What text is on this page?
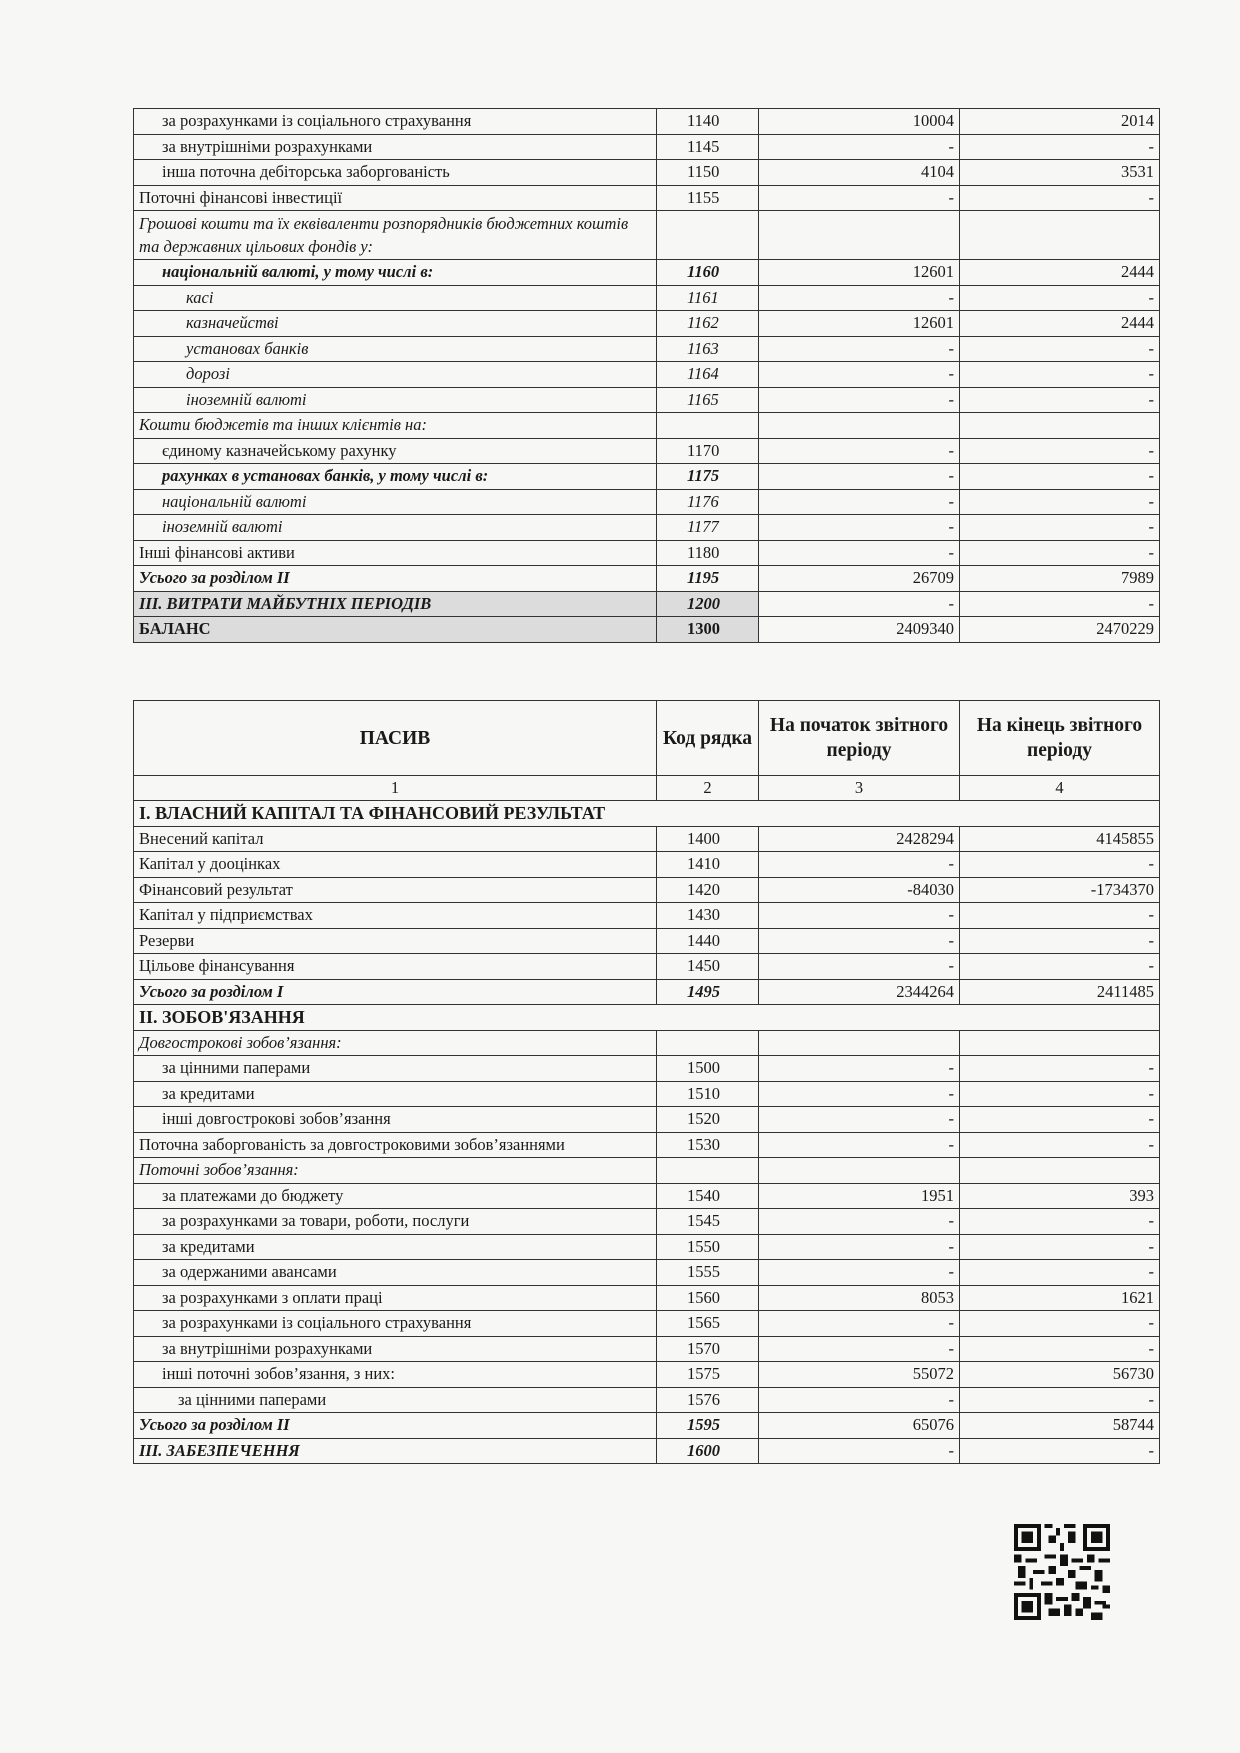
за розрахунками із соціального страхування	1140	10004	2014
за внутрішніми розрахунками	1145	-	-
інша поточна дебіторська заборгованість	1150	4104	3531
Поточні фінансові інвестиції	1155	-	-
Грошові кошти та їх еквіваленти розпорядників бюджетних коштів та державних цільових фондів у:			
національній валюті, у тому числі в:	1160	12601	2444
касі	1161	-	-
казначействі	1162	12601	2444
установах банків	1163	-	-
дорозі	1164	-	-
іноземній валюті	1165	-	-
Кошти бюджетів та інших клієнтів на:			
єдиному казначейському рахунку	1170	-	-
рахунках в установах банків, у тому числі в:	1175	-	-
національній валюті	1176	-	-
іноземній валюті	1177	-	-
Інші фінансові активи	1180	-	-
Усього за розділом II	1195	26709	7989
III. ВИТРАТИ МАЙБУТНІХ ПЕРІОДІВ	1200	-	-
БАЛАНС	1300	2409340	2470229
ПАСИВ	Код рядка	На початок звітного періоду	На кінець звітного періоду
1	2	3	4
І. ВЛАСНИЙ КАПІТАЛ ТА ФІНАНСОВИЙ РЕЗУЛЬТАТ			
Внесений капітал	1400	2428294	4145855
Капітал у дооцінках	1410	-	-
Фінансовий результат	1420	-84030	-1734370
Капітал у підприємствах	1430	-	-
Резерви	1440	-	-
Цільове фінансування	1450	-	-
Усього за розділом I	1495	2344264	2411485
II. ЗОБОВ'ЯЗАННЯ			
Довгострокові зобов’язання:			
за цінними паперами	1500	-	-
за кредитами	1510	-	-
інші довгострокові зобов’язання	1520	-	-
Поточна заборгованість за довгостроковими зобов’язаннями	1530	-	-
Поточні зобов’язання:			
за платежами до бюджету	1540	1951	393
за розрахунками за товари, роботи, послуги	1545	-	-
за кредитами	1550	-	-
за одержаними авансами	1555	-	-
за розрахунками з оплати праці	1560	8053	1621
за розрахунками із соціального страхування	1565	-	-
за внутрішніми розрахунками	1570	-	-
інші поточні зобов’язання, з них:	1575	55072	56730
за цінними паперами	1576	-	-
Усього за розділом II	1595	65076	58744
III. ЗАБЕЗПЕЧЕННЯ	1600	-	-
